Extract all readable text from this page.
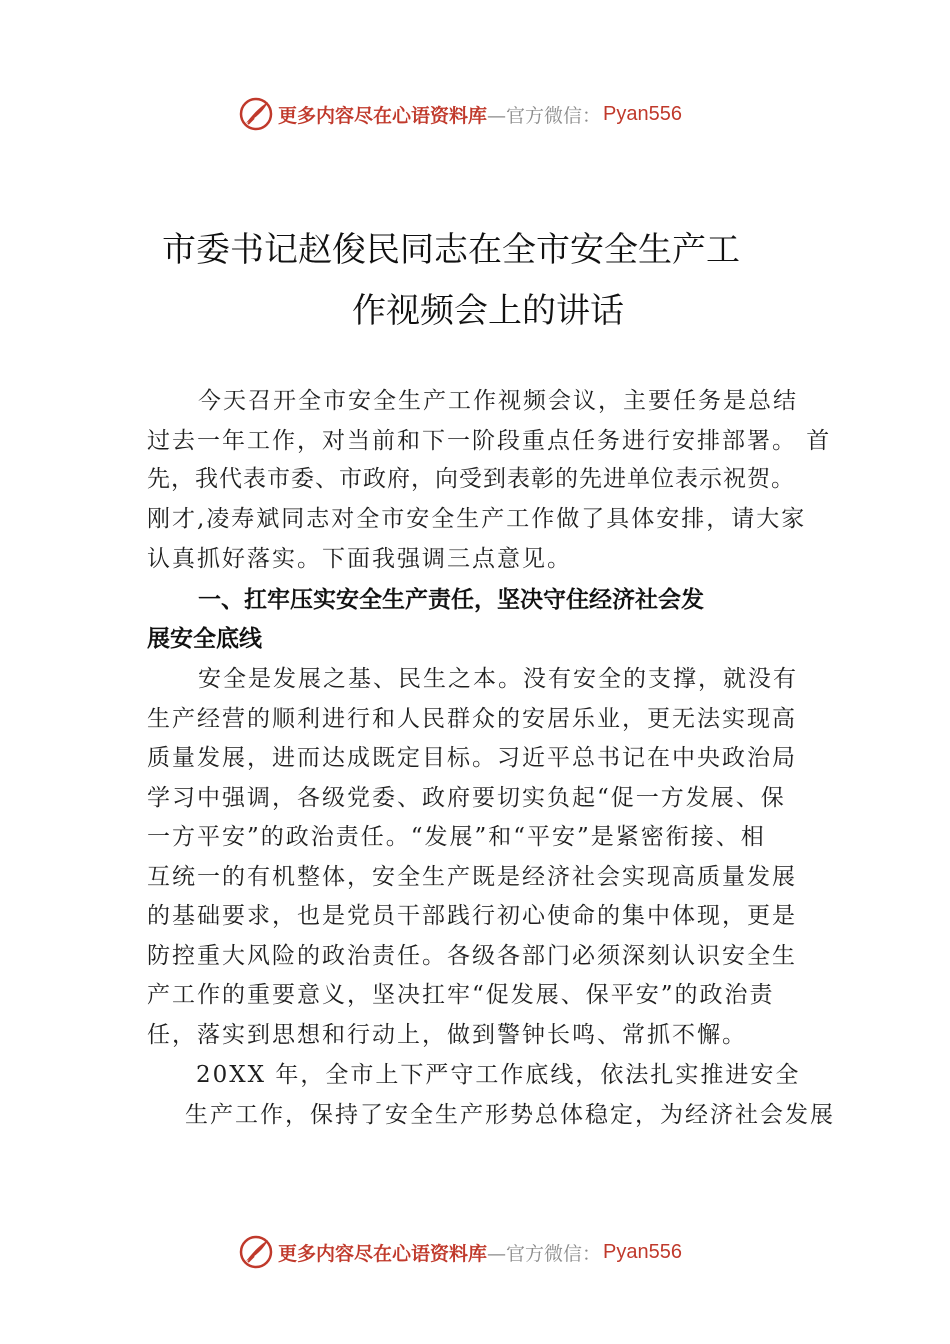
更多内容尽在心语资料库 —官方微信： Pyan556
市委书记赵俊民同志在全市安全生产工
作视频会上的讲话
今天召开全市安全生产工作视频会议，主要任务是总结
过去一年工作，对当前和下一阶段重点任务进行安排部署。 首
先，我代表市委、市政府，向受到表彰的先进单位表示祝贺。
刚才,凌寿斌同志对全市安全生产工作做了具体安排，请大家
认真抓好落实。下面我强调三点意见。
一、扛牢压实安全生产责任，坚决守住经济社会发
展安全底线
安全是发展之基、民生之本。没有安全的支撑，就没有
生产经营的顺利进行和人民群众的安居乐业，更无法实现高
质量发展，进而达成既定目标。习近平总书记在中央政治局
学习中强调，各级党委、政府要切实负起“促一方发展、保
一方平安”的政治责任。“发展”和“平安”是紧密衔接、相
互统一的有机整体，安全生产既是经济社会实现高质量发展
的基础要求，也是党员干部践行初心使命的集中体现，更是
防控重大风险的政治责任。各级各部门必须深刻认识安全生
产工作的重要意义，坚决扛牢“促发展、保平安”的政治责
任，落实到思想和行动上，做到警钟长鸣、常抓不懈。
20XX 年，全市上下严守工作底线，依法扎实推进安全
生产工作，保持了安全生产形势总体稳定，为经济社会发展
更多内容尽在心语资料库 —官方微信： Pyan556
